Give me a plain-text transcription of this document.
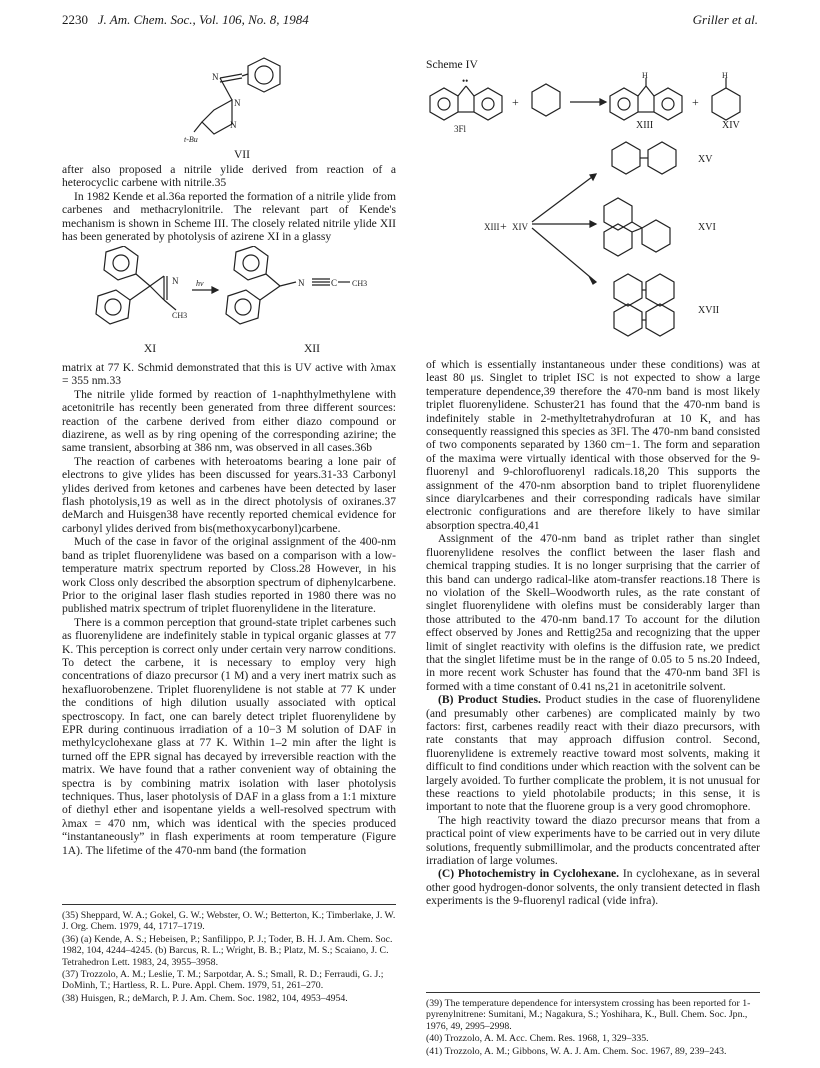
2230 J. Am. Chem. Soc., Vol. 106, No. 8, 1984	Griller et al.
N
N
N
t-Bu
VII

after also proposed a nitrile ylide derived from reaction of a heterocyclic carbene with nitrile.35

In 1982 Kende et al.36a reported the formation of a nitrile ylide from carbenes and methacrylonitrile. The relevant part of Kende's mechanism is shown in Scheme III. The closely related nitrile ylide XII has been generated by photolysis of azirene XI in a glassy

N
CH3
hν	N	C CH3
XI	XII

matrix at 77 K. Schmid demonstrated that this is UV active with λmax = 355 nm.33

The nitrile ylide formed by reaction of 1-naphthylmethylene with acetonitrile has recently been generated from three different sources: reaction of the carbene derived from either diazo compound or diazirene, as well as by ring opening of the corresponding azirine; the same transient, absorbing at 386 nm, was observed in all cases.36b

The reaction of carbenes with heteroatoms bearing a lone pair of electrons to give ylides has been discussed for years.31-33 Carbonyl ylides derived from ketones and carbenes have been detected by laser flash photolysis,19 as well as in the direct photolysis of oxiranes.37 deMarch and Huisgen38 have recently reported chemical evidence for carbonyl ylides derived from bis(methoxycarbonyl)carbene.

Much of the case in favor of the original assignment of the 400-nm band as triplet fluorenylidene was based on a comparison with a low-temperature matrix spectrum reported by Closs.28 However, in his work Closs only described the absorption spectrum of diphenylcarbene. Prior to the original laser flash studies reported in 1980 there was no published matrix spectrum of triplet fluorenylidene in the literature.

There is a common perception that ground-state triplet carbenes such as fluorenylidene are indefinitely stable in typical organic glasses at 77 K. This perception is correct only under certain very narrow conditions. To detect the carbene, it is necessary to employ very high concentrations of diazo precursor (1 M) and a very inert matrix such as hexafluorobenzene. Triplet fluorenylidene is not stable at 77 K under the conditions of high dilution usually associated with optical spectroscopy. In fact, one can barely detect triplet fluorenylidene by EPR during continuous irradiation of a 10−3 M solution of DAF in methylcyclohexane glass at 77 K. Within 1–2 min after the light is turned off the EPR signal has decayed by irreversible reaction with the matrix. We have found that a rather convenient way of obtaining the spectra is by combining matrix isolation with laser photolysis techniques. Thus, laser photolysis of DAF in a glass from a 1:1 mixture of diethyl ether and isopentane yields a well-resolved spectrum with λmax = 470 nm, which was identical with the species produced “instantaneously” in flash experiments at room temperature (Figure 1A). The lifetime of the 470-nm band (the formation

(35) Sheppard, W. A.; Gokel, G. W.; Webster, O. W.; Betterton, K.; Timberlake, J. W. J. Org. Chem. 1979, 44, 1717–1719.
(36) (a) Kende, A. S.; Hebeisen, P.; Sanfilippo, P. J.; Toder, B. H. J. Am. Chem. Soc. 1982, 104, 4244–4245. (b) Barcus, R. L.; Wright, B. B.; Platz, M. S.; Scaiano, J. C. Tetrahedron Lett. 1983, 24, 3955–3958.
(37) Trozzolo, A. M.; Leslie, T. M.; Sarpotdar, A. S.; Small, R. D.; Ferraudi, G. J.; DoMinh, T.; Hartless, R. L. Pure. Appl. Chem. 1979, 51, 261–270.
(38) Huisgen, R.; deMarch, P. J. Am. Chem. Soc. 1982, 104, 4953–4954.
Scheme IV
••
3Fl
+	+
H	H
XIII + XIV
XIII	XIV
XV
XVI
XVII

of which is essentially instantaneous under these conditions) was at least 80 μs. Singlet to triplet ISC is not expected to show a large temperature dependence,39 therefore the 470-nm band is most likely triplet fluorenylidene. Schuster21 has found that the 470-nm band is indefinitely stable in 2-methyltetrahydrofuran at 10 K, and has consequently reassigned this species as 3Fl. The 470-nm band consisted of two components separated by 1360 cm−1. The form and separation of the maxima were virtually identical with those observed for the 9-fluorenyl and 9-chlorofluorenyl radicals.18,20 This supports the assignment of the 470-nm absorption band to triplet fluorenylidene since diarylcarbenes and their corresponding radicals have similar electronic configurations and are therefore likely to have similar absorption spectra.40,41

Assignment of the 470-nm band as triplet rather than singlet fluorenylidene resolves the conflict between the laser flash and chemical trapping studies. It is no longer surprising that the carrier of this band can undergo radical-like atom-transfer reactions.18 There is no violation of the Skell–Woodworth rules, as the rate constant of singlet fluorenylidene with olefins must be considerably larger than those attributed to the 470-nm band.17 To account for the dilution effect observed by Jones and Rettig25a and recognizing that the upper limit of singlet reactivity with olefins is the diffusion rate, we predict that the singlet lifetime must be in the range of 0.05 to 5 ns.20 Indeed, in more recent work Schuster has found that the 470-nm band 3Fl is formed with a time constant of 0.41 ns,21 in acetonitrile solvent.

(B) Product Studies. Product studies in the case of fluorenylidene (and presumably other carbenes) are complicated mainly by two factors: first, carbenes readily react with their diazo precursors, with rate constants that may approach diffusion control. Second, fluorenylidene is extremely reactive toward most solvents, making it difficult to find conditions under which reaction with the solvent can be largely avoided. To further complicate the problem, it is not unusual for these reactions to yield photolabile products; in this sense, it is important to note that the fluorene group is a very good chromophore.

The high reactivity toward the diazo precursor means that from a practical point of view experiments have to be carried out in very dilute solutions, frequently submillimolar, and the products concentrated after irradiation of large volumes.

(C) Photochemistry in Cyclohexane. In cyclohexane, as in several other good hydrogen-donor solvents, the only transient detected in flash experiments is the 9-fluorenyl radical (vide infra).

(39) The temperature dependence for intersystem crossing has been reported for 1-pyrenylnitrene: Sumitani, M.; Nagakura, S.; Yoshihara, K., Bull. Chem. Soc. Jpn., 1976, 49, 2995–2998.
(40) Trozzolo, A. M. Acc. Chem. Res. 1968, 1, 329–335.
(41) Trozzolo, A. M.; Gibbons, W. A. J. Am. Chem. Soc. 1967, 89, 239–243.
